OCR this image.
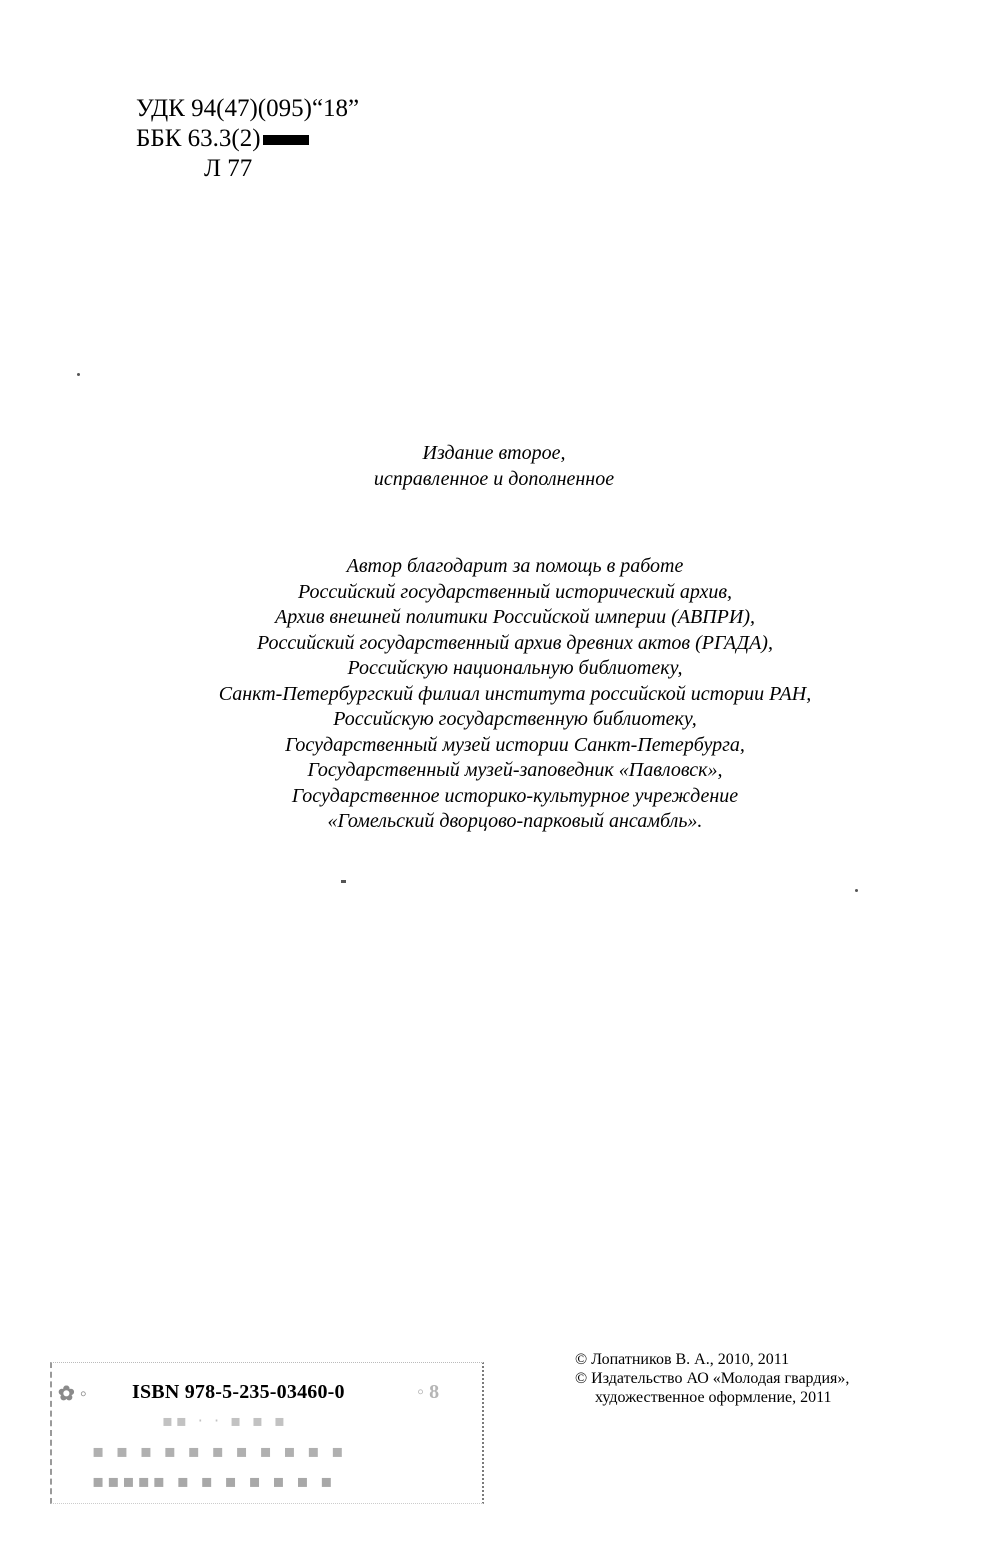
УДК 94(47)(095)“18”
ББК 63.3(2)
Л 77
Издание второе,
исправленное и дополненное
Автор благодарит за помощь в работе
Российский государственный исторический архив,
Архив внешней политики Российской империи (АВПРИ),
Российский государственный архив древних актов (РГАДА),
Российскую национальную библиотеку,
Санкт-Петербургский филиал института российской истории РАН,
Российскую государственную библиотеку,
Государственный музей истории Санкт-Петербурга,
Государственный музей-заповедник «Павловск»,
Государственное историко-культурное учреждение
«Гомельский дворцово-парковый ансамбль».
✿ ◦ ISBN 978-5-235-03460-0	◦ 8
▪▪ · · ▪ ▪ ▪
▪ ▪ ▪ ▪ ▪ ▪ ▪ ▪ ▪ ▪ ▪
▪▪▪▪▪ ▪ ▪ ▪ ▪ ▪ ▪ ▪
© Лопатников В. А., 2010, 2011
© Издательство АО «Молодая гвардия»,
художественное оформление, 2011
